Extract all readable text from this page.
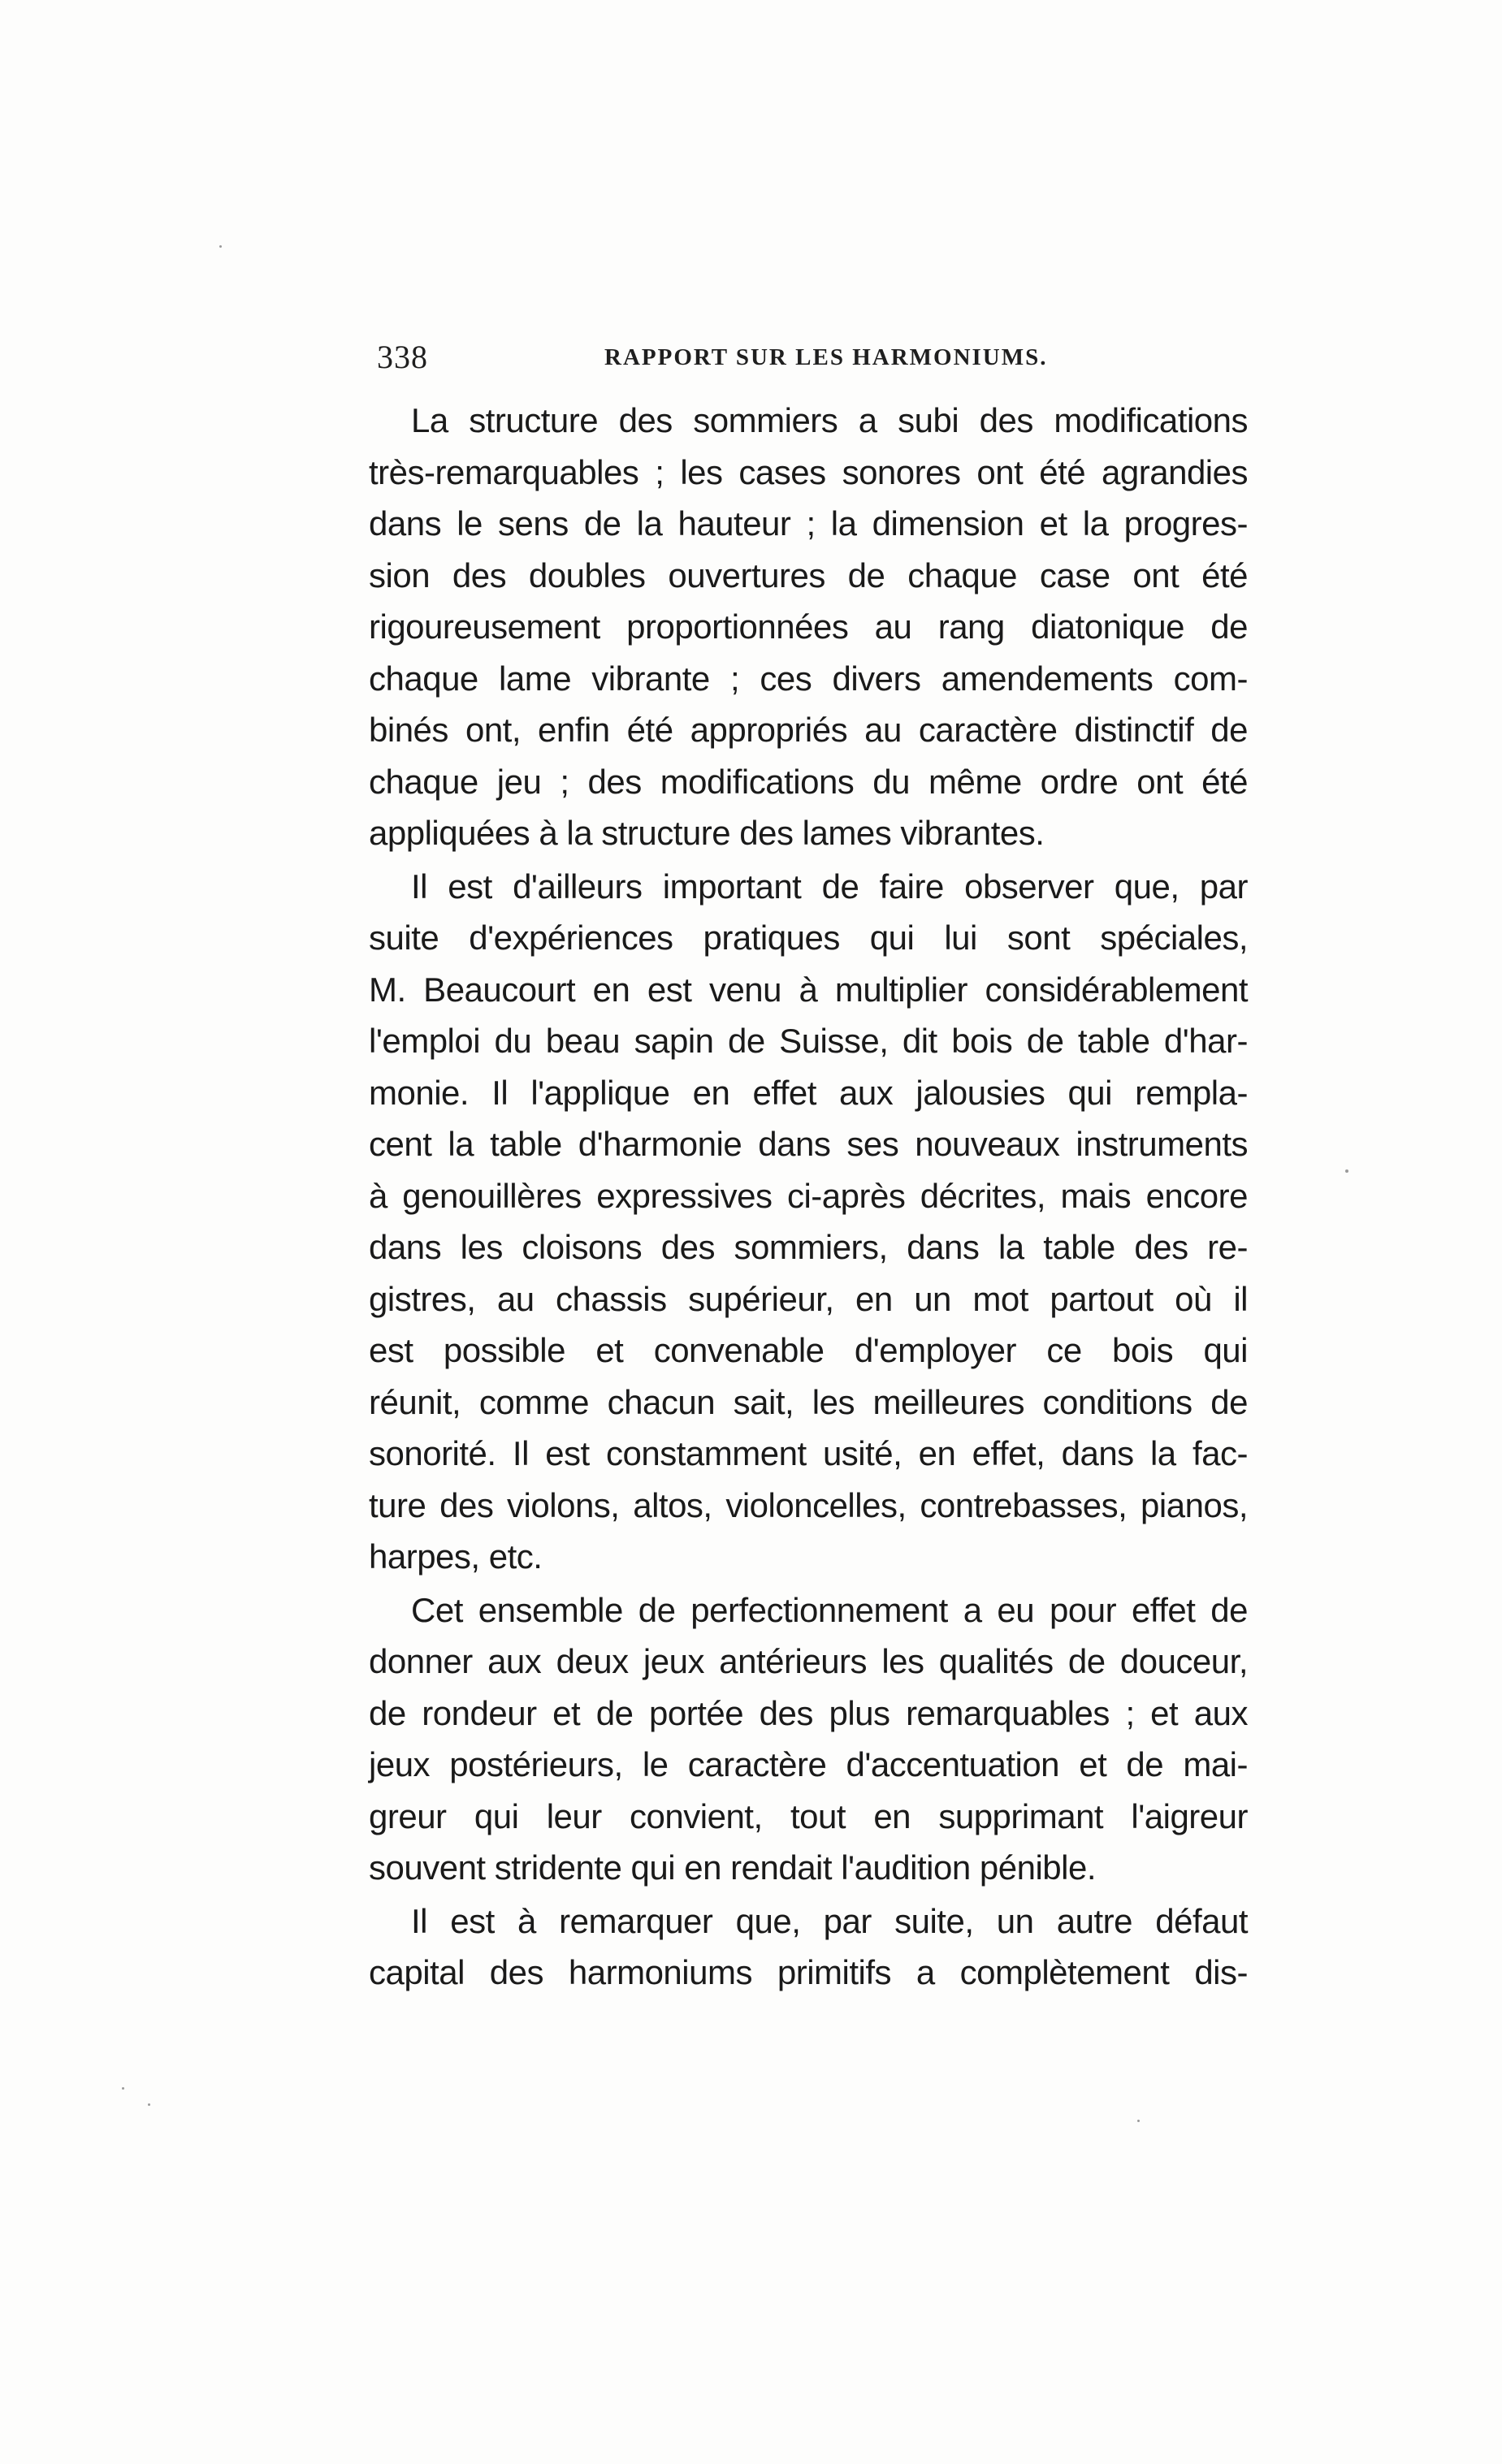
338	RAPPORT SUR LES HARMONIUMS.
La structure des sommiers a subi des modifications
très-remarquables ; les cases sonores ont été agrandies
dans le sens de la hauteur ; la dimension et la progres-
sion des doubles ouvertures de chaque case ont été
rigoureusement proportionnées au rang diatonique de
chaque lame vibrante ; ces divers amendements com-
binés ont, enfin été appropriés au caractère distinctif de
chaque jeu ; des modifications du même ordre ont été
appliquées à la structure des lames vibrantes.
Il est d'ailleurs important de faire observer que, par
suite d'expériences pratiques qui lui sont spéciales,
M. Beaucourt en est venu à multiplier considérablement
l'emploi du beau sapin de Suisse, dit bois de table d'har-
monie. Il l'applique en effet aux jalousies qui rempla-
cent la table d'harmonie dans ses nouveaux instruments
à genouillères expressives ci-après décrites, mais encore
dans les cloisons des sommiers, dans la table des re-
gistres, au chassis supérieur, en un mot partout où il
est possible et convenable d'employer ce bois qui
réunit, comme chacun sait, les meilleures conditions de
sonorité. Il est constamment usité, en effet, dans la fac-
ture des violons, altos, violoncelles, contrebasses, pianos,
harpes, etc.
Cet ensemble de perfectionnement a eu pour effet de
donner aux deux jeux antérieurs les qualités de douceur,
de rondeur et de portée des plus remarquables ; et aux
jeux postérieurs, le caractère d'accentuation et de mai-
greur qui leur convient, tout en supprimant l'aigreur
souvent stridente qui en rendait l'audition pénible.
Il est à remarquer que, par suite, un autre défaut
capital des harmoniums primitifs a complètement dis-
